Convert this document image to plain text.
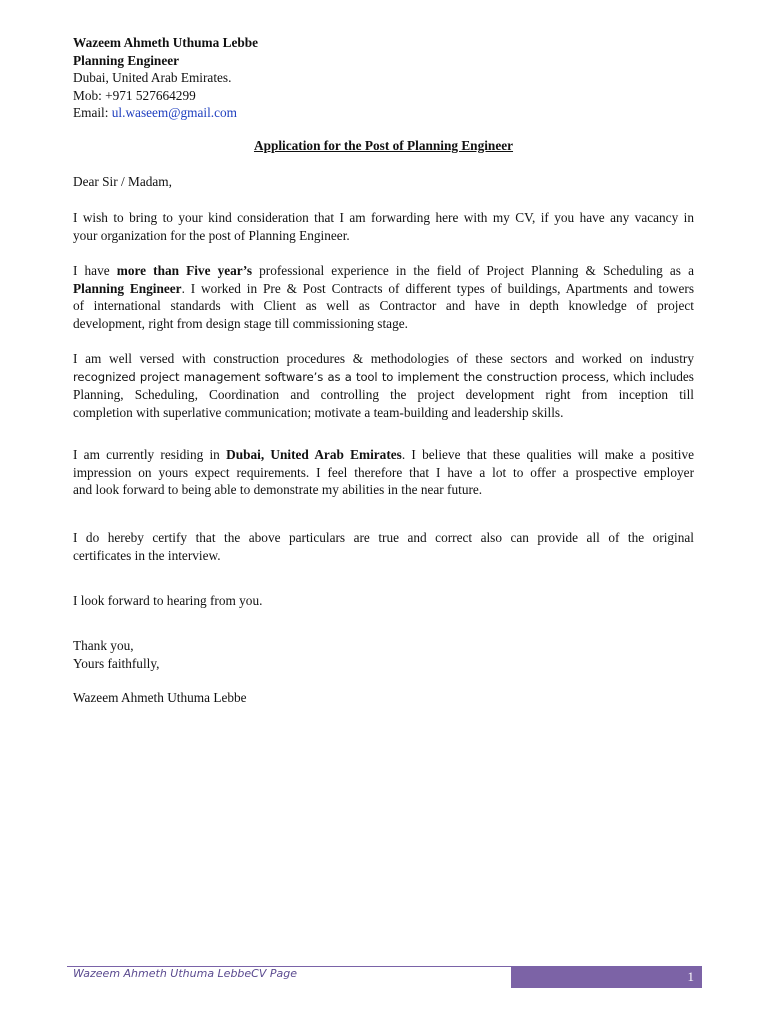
Wazeem Ahmeth Uthuma Lebbe
Planning Engineer
Dubai, United Arab Emirates.
Mob: +971 527664299
Email: ul.waseem@gmail.com
Application for the Post of Planning Engineer
Dear Sir / Madam,
I wish to bring to your kind consideration that I am forwarding here with my CV, if you have any vacancy in
your organization for the post of Planning Engineer.
I have more than Five year’s professional experience in the field of Project Planning & Scheduling as a
Planning Engineer. I worked in Pre & Post Contracts of different types of buildings, Apartments and towers
of international standards with Client as well as Contractor and have in depth knowledge of project
development, right from design stage till commissioning stage.
I am well versed with construction procedures & methodologies of these sectors and worked on industry
recognized project management software’s as a tool to implement the construction process, which includes
Planning, Scheduling, Coordination and controlling the project development right from inception till
completion with superlative communication; motivate a team-building and leadership skills.
I am currently residing in Dubai, United Arab Emirates. I believe that these qualities will make a positive
impression on yours expect requirements. I feel therefore that I have a lot to offer a prospective employer
and look forward to being able to demonstrate my abilities in the near future.
I do hereby certify that the above particulars are true and correct also can provide all of the original
certificates in the interview.
I look forward to hearing from you.
Thank you,
Yours faithfully,
Wazeem Ahmeth Uthuma Lebbe
Wazeem Ahmeth Uthuma LebbeCV Page	1
